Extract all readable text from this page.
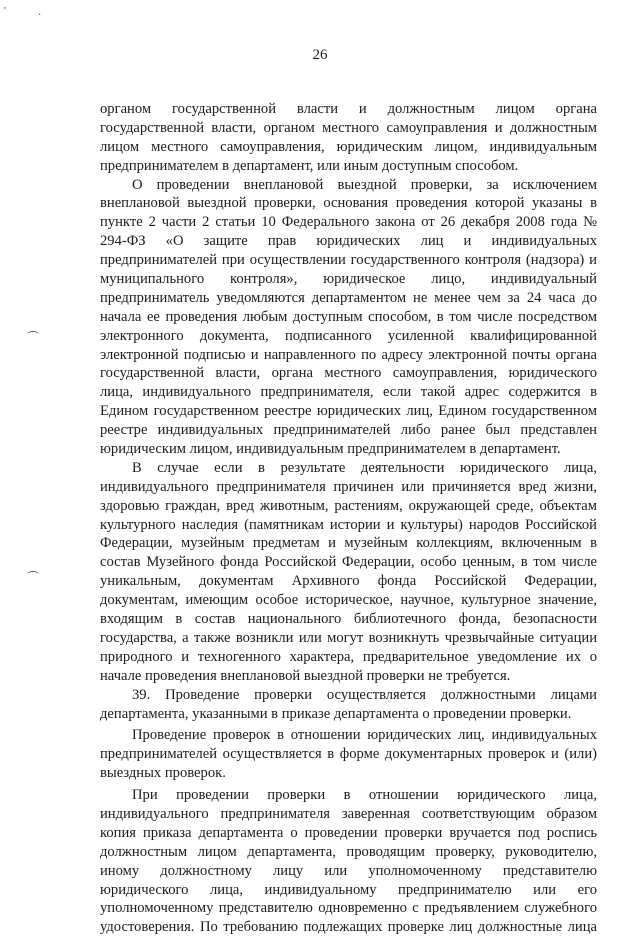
'	·
26
органом государственной власти и должностным лицом органа
государственной власти, органом местного самоуправления и должностным
лицом местного самоуправления, юридическим лицом, индивидуальным
предпринимателем в департамент, или иным доступным способом.
О проведении внеплановой выездной проверки, за исключением
внеплановой выездной проверки, основания проведения которой указаны в
пункте 2 части 2 статьи 10 Федерального закона от 26 декабря 2008 года №
294-ФЗ «О защите прав юридических лиц и индивидуальных
предпринимателей при осуществлении государственного контроля (надзора) и
муниципального контроля», юридическое лицо, индивидуальный
предприниматель уведомляются департаментом не менее чем за 24 часа до
начала ее проведения любым доступным способом, в том числе посредством
электронного документа, подписанного усиленной квалифицированной
электронной подписью и направленного по адресу электронной почты органа
государственной власти, органа местного самоуправления, юридического
лица, индивидуального предпринимателя, если такой адрес содержится в
Едином государственном реестре юридических лиц, Едином государственном
реестре индивидуальных предпринимателей либо ранее был представлен
юридическим лицом, индивидуальным предпринимателем в департамент.
В случае если в результате деятельности юридического лица,
индивидуального предпринимателя причинен или причиняется вред жизни,
здоровью граждан, вред животным, растениям, окружающей среде, объектам
культурного наследия (памятникам истории и культуры) народов Российской
Федерации, музейным предметам и музейным коллекциям, включенным в
состав Музейного фонда Российской Федерации, особо ценным, в том числе
уникальным, документам Архивного фонда Российской Федерации,
документам, имеющим особое историческое, научное, культурное значение,
входящим в состав национального библиотечного фонда, безопасности
государства, а также возникли или могут возникнуть чрезвычайные ситуации
природного и техногенного характера, предварительное уведомление их о
начале проведения внеплановой выездной проверки не требуется.
39. Проведение проверки осуществляется должностными лицами
департамента, указанными в приказе департамента о проведении проверки.
Проведение проверок в отношении юридических лиц, индивидуальных
предпринимателей осуществляется в форме документарных проверок и (или)
выездных проверок.
При проведении проверки в отношении юридического лица,
индивидуального предпринимателя заверенная соответствующим образом
копия приказа департамента о проведении проверки вручается под роспись
должностным лицом департамента, проводящим проверку, руководителю,
иному должностному лицу или уполномоченному представителю
юридического лица, индивидуальному предпринимателю или его
уполномоченному представителю одновременно с предъявлением служебного
удостоверения. По требованию подлежащих проверке лиц должностные лица
